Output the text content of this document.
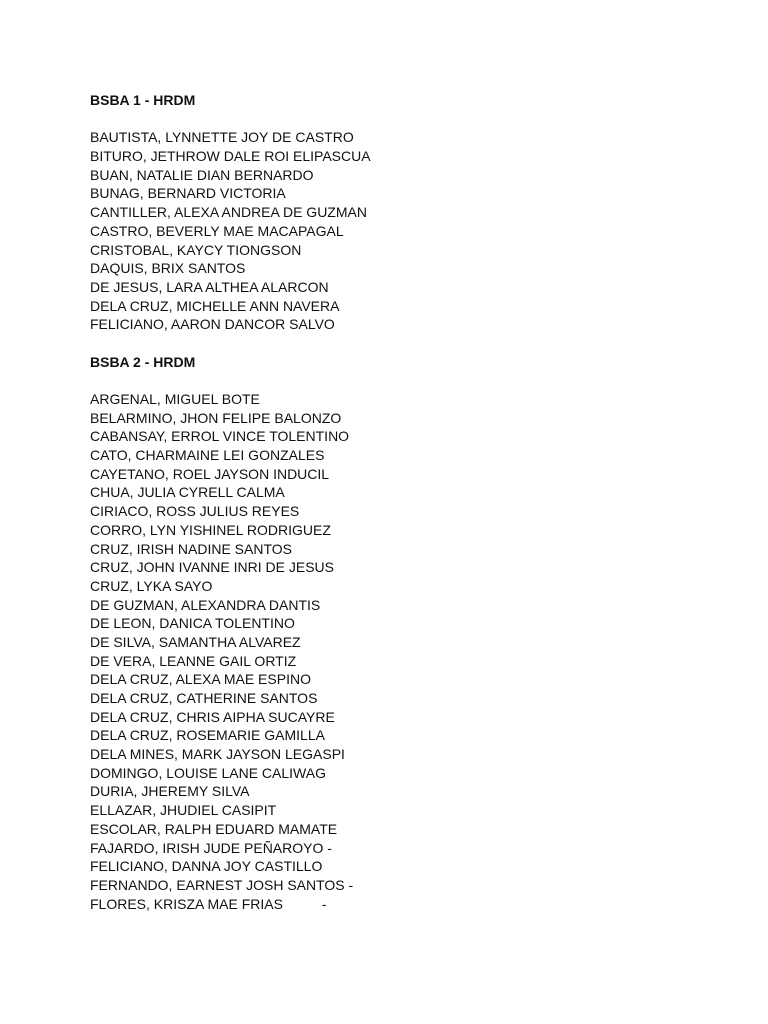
BSBA 1 - HRDM
BAUTISTA, LYNNETTE JOY DE CASTRO
BITURO, JETHROW DALE ROI ELIPASCUA
BUAN, NATALIE DIAN BERNARDO
BUNAG, BERNARD VICTORIA
CANTILLER, ALEXA ANDREA DE GUZMAN
CASTRO, BEVERLY MAE MACAPAGAL
CRISTOBAL, KAYCY TIONGSON
DAQUIS, BRIX SANTOS
DE JESUS, LARA ALTHEA ALARCON
DELA CRUZ, MICHELLE ANN NAVERA
FELICIANO, AARON DANCOR SALVO
BSBA 2 - HRDM
ARGENAL, MIGUEL BOTE
BELARMINO, JHON FELIPE BALONZO
CABANSAY, ERROL VINCE TOLENTINO
CATO, CHARMAINE LEI GONZALES
CAYETANO, ROEL JAYSON INDUCIL
CHUA, JULIA CYRELL CALMA
CIRIACO, ROSS JULIUS REYES
CORRO, LYN YISHINEL RODRIGUEZ
CRUZ, IRISH NADINE SANTOS
CRUZ, JOHN IVANNE INRI DE JESUS
CRUZ, LYKA SAYO
DE GUZMAN, ALEXANDRA DANTIS
DE LEON, DANICA TOLENTINO
DE SILVA, SAMANTHA ALVAREZ
DE VERA, LEANNE GAIL ORTIZ
DELA CRUZ, ALEXA MAE ESPINO
DELA CRUZ, CATHERINE SANTOS
DELA CRUZ, CHRIS AIPHA SUCAYRE
DELA CRUZ, ROSEMARIE GAMILLA
DELA MINES, MARK JAYSON LEGASPI
DOMINGO, LOUISE LANE CALIWAG
DURIA, JHEREMY SILVA
ELLAZAR, JHUDIEL CASIPIT
ESCOLAR, RALPH EDUARD MAMATE
FAJARDO, IRISH JUDE PEÑAROYO -
FELICIANO, DANNA JOY CASTILLO
FERNANDO, EARNEST JOSH SANTOS -
FLORES, KRISZA MAE FRIAS          -
